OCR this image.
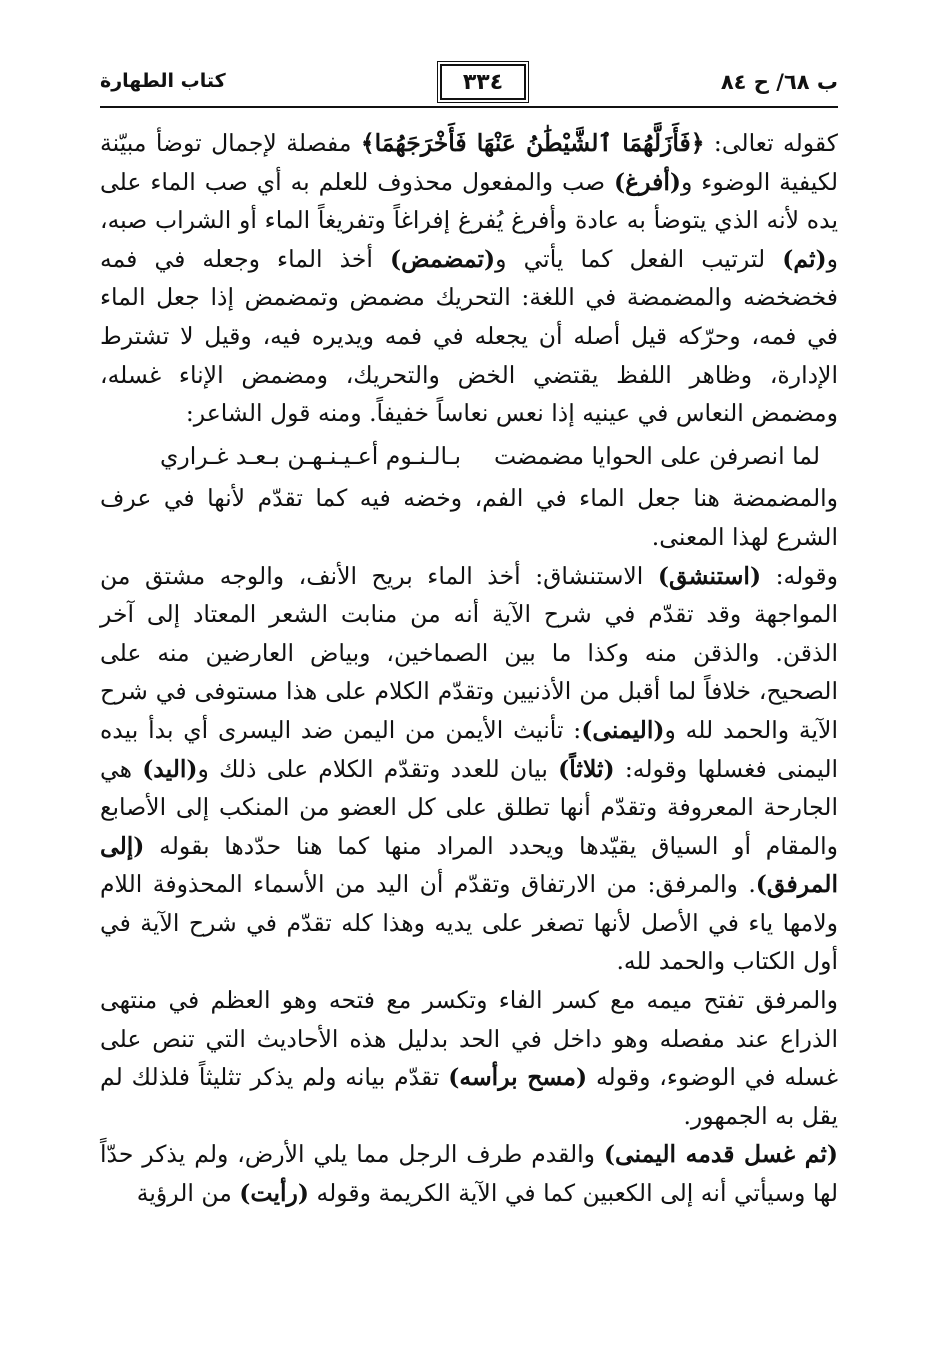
ب ٦٨/ ح ٨٤
٣٣٤
كتاب الطهارة

كقوله تعالى: ﴿فَأَزَلَّهُمَا ٱلشَّيْطَٰنُ عَنْهَا فَأَخْرَجَهُمَا﴾ مفصلة لإجمال توضأ مبيّنة لكيفية الوضوء و(أفرغ) صب والمفعول محذوف للعلم به أي صب الماء على يده لأنه الذي يتوضأ به عادة وأفرغ يُفرغ إفراغاً وتفريغاً الماء أو الشراب صبه، و(ثم) لترتيب الفعل كما يأتي و(تمضمض) أخذ الماء وجعله في فمه فخضخضه والمضمضة في اللغة: التحريك مضمض وتمضمض إذا جعل الماء في فمه، وحرّكه قيل أصله أن يجعله في فمه ويديره فيه، وقيل لا تشترط الإدارة، وظاهر اللفظ يقتضي الخض والتحريك، ومضمض الإناء غسله، ومضمض النعاس في عينيه إذا نعس نعاساً خفيفاً. ومنه قول الشاعر:

لما انصرفن على الحوايا مضمضت
بـالـنـوم أعـيـنـهـن بـعـد غـراري

والمضمضة هنا جعل الماء في الفم، وخضه فيه كما تقدّم لأنها في عرف الشرع لهذا المعنى.

وقوله: (استنشق) الاستنشاق: أخذ الماء بريح الأنف، والوجه مشتق من المواجهة وقد تقدّم في شرح الآية أنه من منابت الشعر المعتاد إلى آخر الذقن. والذقن منه وكذا ما بين الصماخين، وبياض العارضين منه على الصحيح، خلافاً لما أقبل من الأذنيين وتقدّم الكلام على هذا مستوفى في شرح الآية والحمد لله و(اليمنى): تأنيث الأيمن من اليمن ضد اليسرى أي بدأ بيده اليمنى فغسلها وقوله: (ثلاثاً) بيان للعدد وتقدّم الكلام على ذلك و(اليد) هي الجارحة المعروفة وتقدّم أنها تطلق على كل العضو من المنكب إلى الأصابع والمقام أو السياق يقيّدها ويحدد المراد منها كما هنا حدّدها بقوله (إلى المرفق). والمرفق: من الارتفاق وتقدّم أن اليد من الأسماء المحذوفة اللام ولامها ياء في الأصل لأنها تصغر على يديه وهذا كله تقدّم في شرح الآية في أول الكتاب والحمد لله.

والمرفق تفتح ميمه مع كسر الفاء وتكسر مع فتحه وهو العظم في منتهى الذراع عند مفصله وهو داخل في الحد بدليل هذه الأحاديث التي تنص على غسله في الوضوء، وقوله (مسح برأسه) تقدّم بيانه ولم يذكر تثليثاً فلذلك لم يقل به الجمهور.

(ثم غسل قدمه اليمنى) والقدم طرف الرجل مما يلي الأرض، ولم يذكر حدّاً لها وسيأتي أنه إلى الكعبين كما في الآية الكريمة وقوله (رأيت) من الرؤية
